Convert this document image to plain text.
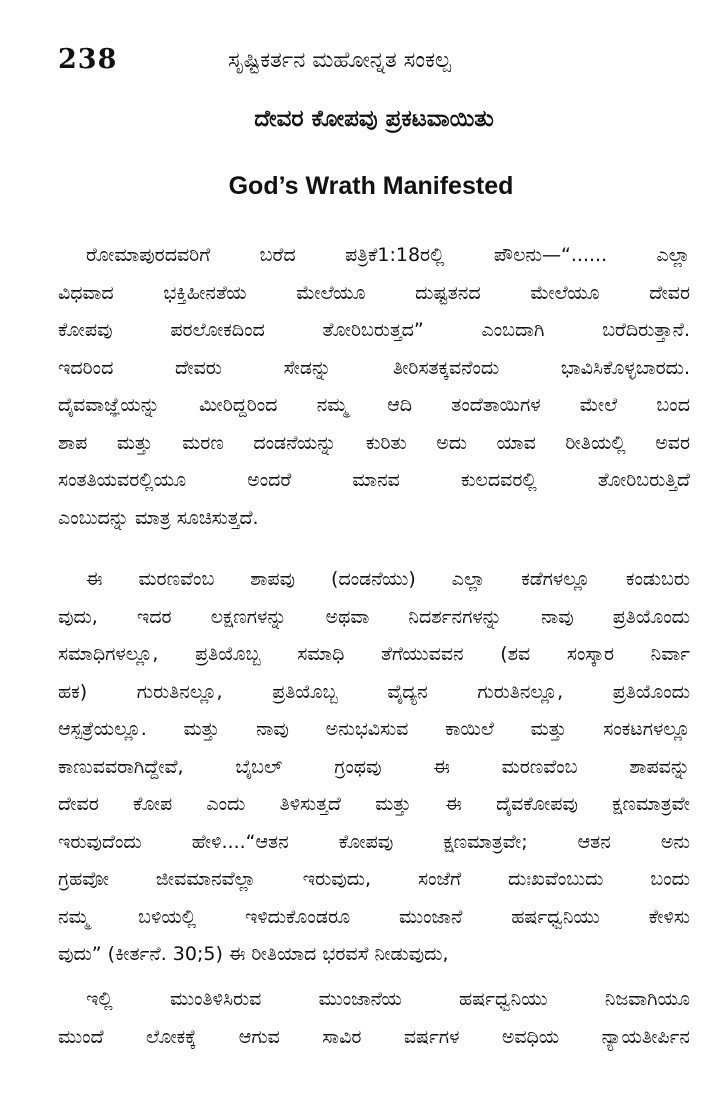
238	ಸೃಷ್ಟಿಕರ್ತನ ಮಹೋನ್ನತ ಸಂಕಲ್ಪ
ದೇವರ ಕೋಪವು ಪ್ರಕಟವಾಯಿತು
God’s Wrath Manifested
ರೋಮಾಪುರದವರಿಗೆ ಬರೆದ ಪತ್ರಿಕೆ1:18ರಲ್ಲಿ ಪೌಲನು—“...... ಎಲ್ಲಾ
ವಿಧವಾದ ಭಕ್ತಿಹೀನತೆಯ ಮೇಲೆಯೂ ದುಷ್ಟತನದ ಮೇಲೆಯೂ ದೇವರ
ಕೋಪವು ಪರಲೋಕದಿಂದ ತೋರಿಬರುತ್ತದ” ಎಂಬದಾಗಿ ಬರೆದಿರುತ್ತಾನೆ.
ಇದರಿಂದ ದೇವರು ಸೇಡನ್ನು ತೀರಿಸತಕ್ಕವನೆಂದು ಭಾವಿಸಿಕೊಳ್ಳಬಾರದು.
ದೈವವಾಜ್ಞೆಯನ್ನು ಮೀರಿದ್ದರಿಂದ ನಮ್ಮ ಆದಿ ತಂದೆತಾಯಿಗಳ ಮೇಲೆ ಬಂದ
ಶಾಪ ಮತ್ತು ಮರಣ ದಂಡನೆಯನ್ನು ಕುರಿತು ಅದು ಯಾವ ರೀತಿಯಲ್ಲಿ ಅವರ
ಸಂತತಿಯವರಲ್ಲಿಯೂ ಅಂದರೆ ಮಾನವ ಕುಲದವರಲ್ಲಿ ತೋರಿಬರುತ್ತಿದೆ
ಎಂಬುದನ್ನು ಮಾತ್ರ ಸೂಚಿಸುತ್ತದೆ.
ಈ ಮರಣವೆಂಬ ಶಾಪವು (ದಂಡನೆಯು) ಎಲ್ಲಾ ಕಡೆಗಳಲ್ಲೂ ಕಂಡುಬರು
ವುದು, ಇದರ ಲಕ್ಷಣಗಳನ್ನು ಅಥವಾ ನಿದರ್ಶನಗಳನ್ನು ನಾವು ಪ್ರತಿಯೊಂದು
ಸಮಾಧಿಗಳಲ್ಲೂ, ಪ್ರತಿಯೊಬ್ಬ ಸಮಾಧಿ ತೆಗೆಯುವವನ (ಶವ ಸಂಸ್ಕಾರ ನಿರ್ವಾ
ಹಕ) ಗುರುತಿನಲ್ಲೂ, ಪ್ರತಿಯೊಬ್ಬ ವೈದ್ಯನ ಗುರುತಿನಲ್ಲೂ, ಪ್ರತಿಯೊಂದು
ಆಸ್ಪತ್ರೆಯಲ್ಲೂ. ಮತ್ತು ನಾವು ಅನುಭವಿಸುವ ಕಾಯಿಲೆ ಮತ್ತು ಸಂಕಟಗಳಲ್ಲೂ
ಕಾಣುವವರಾಗಿದ್ದೇವೆ, ಬೈಬಲ್ ಗ್ರಂಥವು ಈ ಮರಣವೆಂಬ ಶಾಪವನ್ನು
ದೇವರ ಕೋಪ ಎಂದು ತಿಳಿಸುತ್ತದೆ ಮತ್ತು ಈ ದೈವಕೋಪವು ಕ್ಷಣಮಾತ್ರವೇ
ಇರುವುದೆಂದು ಹೇಳಿ....“ಆತನ ಕೋಪವು ಕ್ಷಣಮಾತ್ರವೇ; ಆತನ ಅನು
ಗ್ರಹವೋ ಜೀವಮಾನವೆಲ್ಲಾ ಇರುವುದು, ಸಂಜೆಗೆ ದುಃಖವೆಂಬುದು ಬಂದು
ನಮ್ಮ ಬಳಿಯಲ್ಲಿ ಇಳಿದುಕೊಂಡರೂ ಮುಂಜಾನೆ ಹರ್ಷಧ್ವನಿಯು ಕೇಳಿಸು
ವುದು” (ಕೀರ್ತನೆ. 30;5) ಈ ರೀತಿಯಾದ ಭರವಸೆ ನೀಡುವುದು,
ಇಲ್ಲಿ ಮುಂತಿಳಿಸಿರುವ ಮುಂಜಾನೆಯ ಹರ್ಷಧ್ವನಿಯು ನಿಜವಾಗಿಯೂ
ಮುಂದೆ ಲೋಕಕ್ಕೆ ಆಗುವ ಸಾವಿರ ವರ್ಷಗಳ ಅವಧಿಯ ನ್ಯಾಯತೀರ್ಪಿನ
